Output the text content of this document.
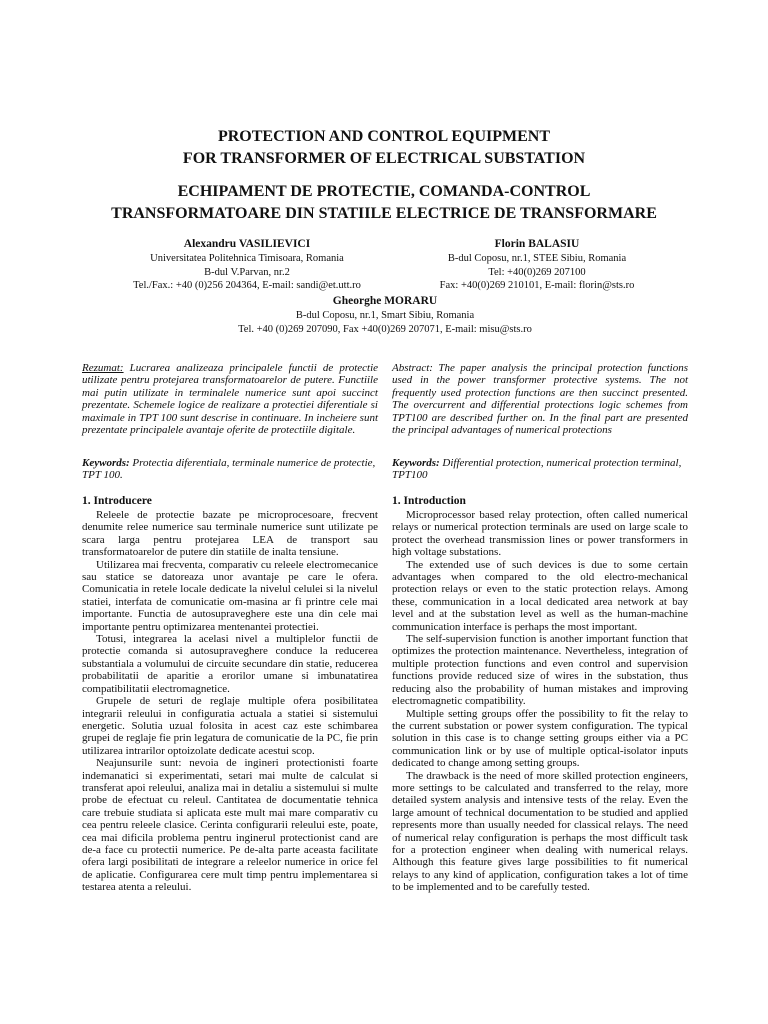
PROTECTION AND CONTROL EQUIPMENT
FOR TRANSFORMER OF ELECTRICAL SUBSTATION
ECHIPAMENT DE PROTECTIE, COMANDA-CONTROL
TRANSFORMATOARE DIN STATIILE ELECTRICE DE TRANSFORMARE
Alexandru VASILIEVICI
Universitatea Politehnica Timisoara, Romania
B-dul V.Parvan, nr.2
Tel./Fax.: +40 (0)256 204364, E-mail: sandi@et.utt.ro
Florin BALASIU
B-dul Coposu, nr.1, STEE Sibiu, Romania
Tel: +40(0)269 207100
Fax: +40(0)269 210101, E-mail: florin@sts.ro
Gheorghe MORARU
B-dul Coposu, nr.1, Smart Sibiu, Romania
Tel. +40 (0)269 207090, Fax +40(0)269 207071, E-mail: misu@sts.ro

Rezumat: Lucrarea analizeaza principalele functii de protectie utilizate pentru protejarea transformatoarelor de putere. Functiile mai putin utilizate in terminalele numerice sunt apoi succinct prezentate. Schemele logice de realizare a protectiei diferentiale si maximale in TPT 100 sunt descrise in continuare. In incheiere sunt prezentate principalele avantaje oferite de protectiile digitale.

Keywords: Protectia diferentiala, terminale numerice de protectie, TPT 100.

1. Introducere

Releele de protectie bazate pe microprocesoare, frecvent denumite relee numerice sau terminale numerice sunt utilizate pe scara larga pentru protejarea LEA de transport sau transformatoarelor de putere din statiile de inalta tensiune.

Utilizarea mai frecventa, comparativ cu releele electromecanice sau statice se datoreaza unor avantaje pe care le ofera. Comunicatia in retele locale dedicate la nivelul celulei si la nivelul statiei, interfata de comunicatie om-masina ar fi printre cele mai importante. Functia de autosupraveghere este una din cele mai importante pentru optimizarea mentenantei protectiei.

Totusi, integrarea la acelasi nivel a multiplelor functii de protectie comanda si autosupraveghere conduce la reducerea substantiala a volumului de circuite secundare din statie, reducerea probabilitatii de aparitie a erorilor umane si imbunatatirea compatibilitatii electromagnetice.

Grupele de seturi de reglaje multiple ofera posibilitatea integrarii releului in configuratia actuala a statiei si sistemului energetic. Solutia uzual folosita in acest caz este schimbarea grupei de reglaje fie prin legatura de comunicatie de la PC, fie prin utilizarea intrarilor optoizolate dedicate acestui scop.

Neajunsurile sunt: nevoia de ingineri protectionisti foarte indemanatici si experimentati, setari mai multe de calculat si transferat apoi releului, analiza mai in detaliu a sistemului si multe probe de efectuat cu releul. Cantitatea de documentatie tehnica care trebuie studiata si aplicata este mult mai mare comparativ cu cea pentru releele clasice. Cerinta configurarii releului este, poate, cea mai dificila problema pentru inginerul protectionist cand are de-a face cu protectii numerice. Pe de-alta parte aceasta facilitate ofera largi posibilitati de integrare a releelor numerice in orice fel de aplicatie. Configurarea cere mult timp pentru implementarea si testarea atenta a releului.

Abstract: The paper analysis the principal protection functions used in the power transformer protective systems. The not frequently used protection functions are then succinct presented. The overcurrent and differential protections logic schemes from TPT100 are described further on. In the final part are presented the principal advantages of numerical protections

Keywords: Differential protection, numerical protection terminal, TPT100

1. Introduction

Microprocessor based relay protection, often called numerical relays or numerical protection terminals are used on large scale to protect the overhead transmission lines or power transformers in high voltage substations.

The extended use of such devices is due to some certain advantages when compared to the old electro-mechanical protection relays or even to the static protection relays. Among these, communication in a local dedicated area network at bay level and at the substation level as well as the human-machine communication interface is perhaps the most important.

The self-supervision function is another important function that optimizes the protection maintenance. Nevertheless, integration of multiple protection functions and even control and supervision functions provide reduced size of wires in the substation, thus reducing also the probability of human mistakes and improving electromagnetic compatibility.

Multiple setting groups offer the possibility to fit the relay to the current substation or power system configuration. The typical solution in this case is to change setting groups either via a PC communication link or by use of multiple optical-isolator inputs dedicated to change among setting groups.

The drawback is the need of more skilled protection engineers, more settings to be calculated and transferred to the relay, more detailed system analysis and intensive tests of the relay. Even the large amount of technical documentation to be studied and applied represents more than usually needed for classical relays. The need of numerical relay configuration is perhaps the most difficult task for a protection engineer when dealing with numerical relays. Although this feature gives large possibilities to fit numerical relays to any kind of application, configuration takes a lot of time to be implemented and to be carefully tested.
